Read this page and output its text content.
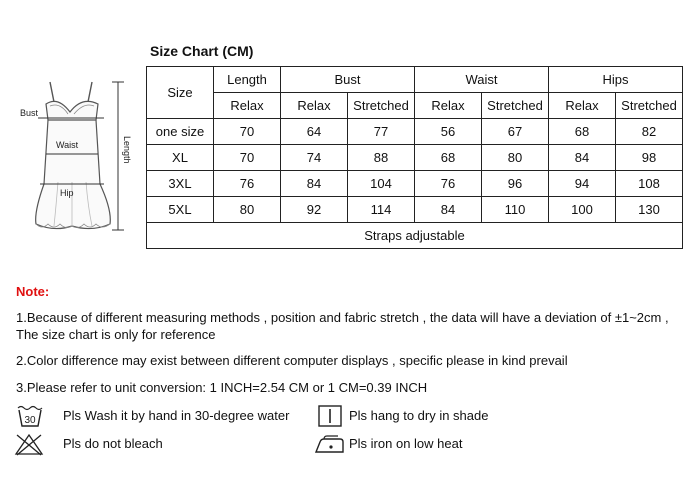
Bust
Waist
Hip
Length
Size Chart (CM)
Size	Length	Bust		Waist		Hips	
	Relax	Relax	Stretched	Relax	Stretched	Relax	Stretched
one size	70	64	77	56	67	68	82
XL	70	74	88	68	80	84	98
3XL	76	84	104	76	96	94	108
5XL	80	92	114	84	110	100	130
Straps adjustable							
Note:
1.Because of different measuring methods , position and fabric stretch , the data will have a deviation of ±1~2cm ,
The size chart is only for reference
2.Color difference may exist between different computer displays , specific please in kind prevail
3.Please refer to unit conversion: 1 INCH=2.54 CM or 1 CM=0.39 INCH
30 Pls Wash it by hand in 30-degree water	Pls hang to dry in shade
Pls do not bleach	Pls iron on low heat
